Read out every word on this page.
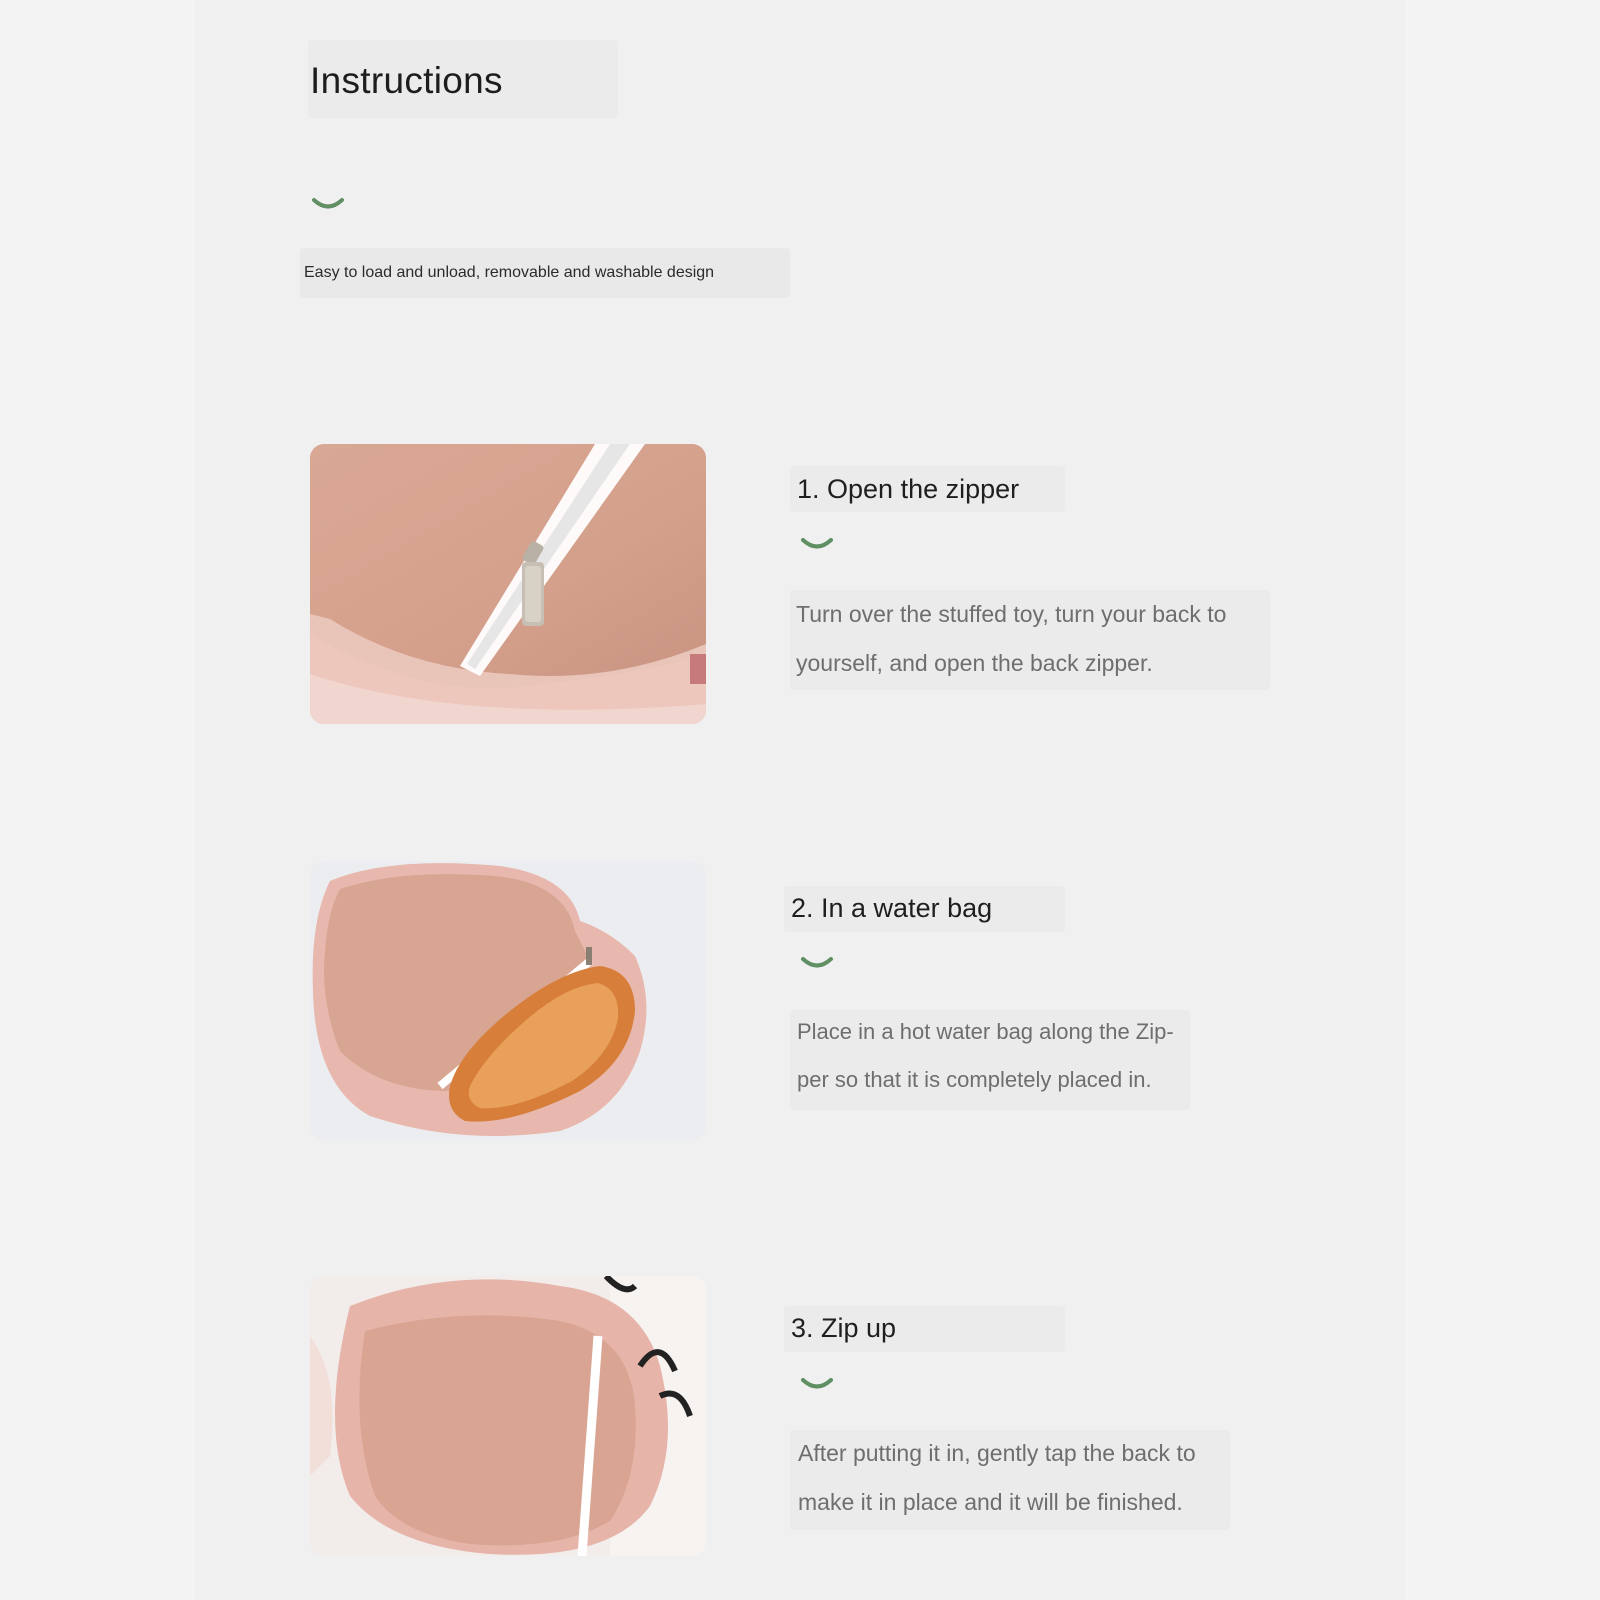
Instructions
Easy to load and unload, removable and washable design
1. Open the zipper
Turn over the stuffed toy, turn your back to
yourself, and open the back zipper.
2. In a water bag
Place in a hot water bag along the Zip-
per so that it is completely placed in.
3. Zip up
After putting it in, gently tap the back to
make it in place and it will be finished.
